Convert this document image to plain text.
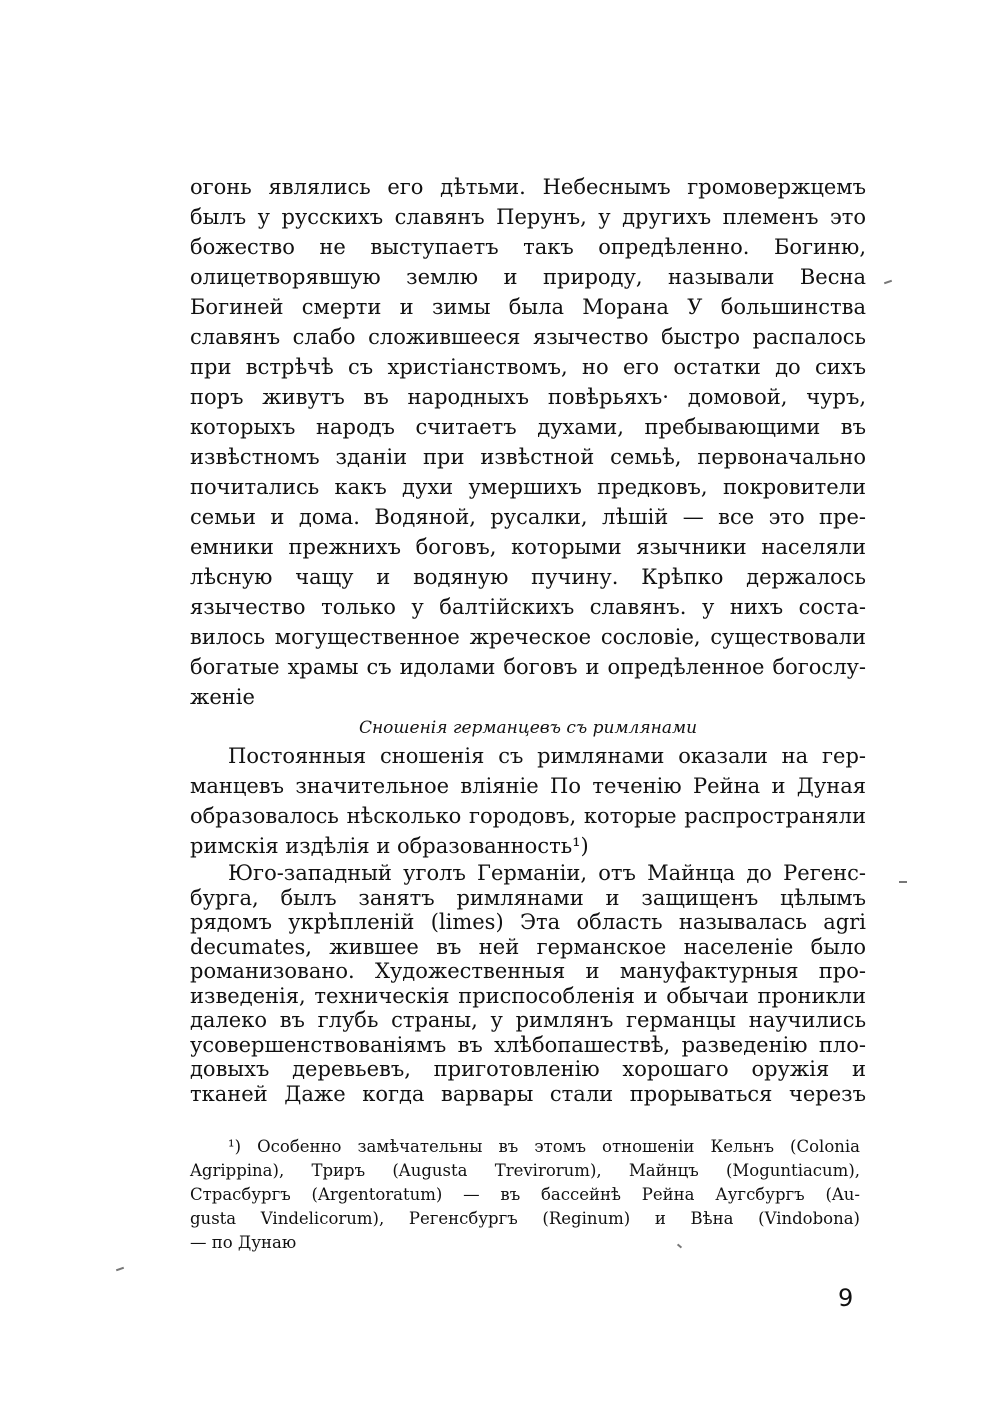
огонь являлись его дѣтьми. Небеснымъ громовержцемъ
былъ у русскихъ славянъ Перунъ, у другихъ племенъ это
божество не выступаетъ такъ опредѣленно. Богиню,
олицетворявшую землю и природу, называли Весна
Богиней смерти и зимы была Морана У большинства
славянъ слабо сложившееся язычество быстро распалось
при встрѣчѣ съ христіанствомъ, но его остатки до сихъ
поръ живутъ въ народныхъ повѣрьяхъ· домовой, чуръ,
которыхъ народъ считаетъ духами, пребывающими въ
извѣстномъ зданіи при извѣстной семьѣ, первоначально
почитались какъ духи умершихъ предковъ, покровители
семьи и дома. Водяной, русалки, лѣшій — все это пре-
емники прежнихъ боговъ, которыми язычники населяли
лѣсную чащу и водяную пучину. Крѣпко держалось
язычество только у балтійскихъ славянъ. у нихъ соста-
вилось могущественное жреческое сословіе, существовали
богатые храмы съ идолами боговъ и опредѣленное богослу-
женіе
Сношенія германцевъ съ римлянами
Постоянныя сношенія съ римлянами оказали на гер-
манцевъ значительное вліяніе По теченію Рейна и Дуная
образовалось нѣсколько городовъ, которые распространяли
римскія издѣлія и образованность¹)
Юго-западный уголъ Германіи, отъ Майнца до Регенс-
бурга, былъ занятъ римлянами и защищенъ цѣлымъ
рядомъ укрѣпленій (limes) Эта область называлась agri
decumates, жившее въ ней германское населеніе было
романизовано. Художественныя и мануфактурныя про-
изведенія, техническія приспособленія и обычаи проникли
далеко въ глубь страны, у римлянъ германцы научились
усовершенствованіямъ въ хлѣбопашествѣ, разведенію пло-
довыхъ деревьевъ, приготовленію хорошаго оружія и
тканей Даже когда варвары стали прорываться черезъ
¹) Особенно замѣчательны въ этомъ отношеніи Кельнъ (Colonia
Agrippina), Триръ (Augusta Trevirorum), Майнцъ (Moguntiacum),
Страсбургъ (Argentoratum) — въ бассейнѣ Рейна Аугсбургъ (Au-
gusta Vindelicorum), Регенсбургъ (Reginum) и Вѣна (Vindobona)
— по Дунаю
9
